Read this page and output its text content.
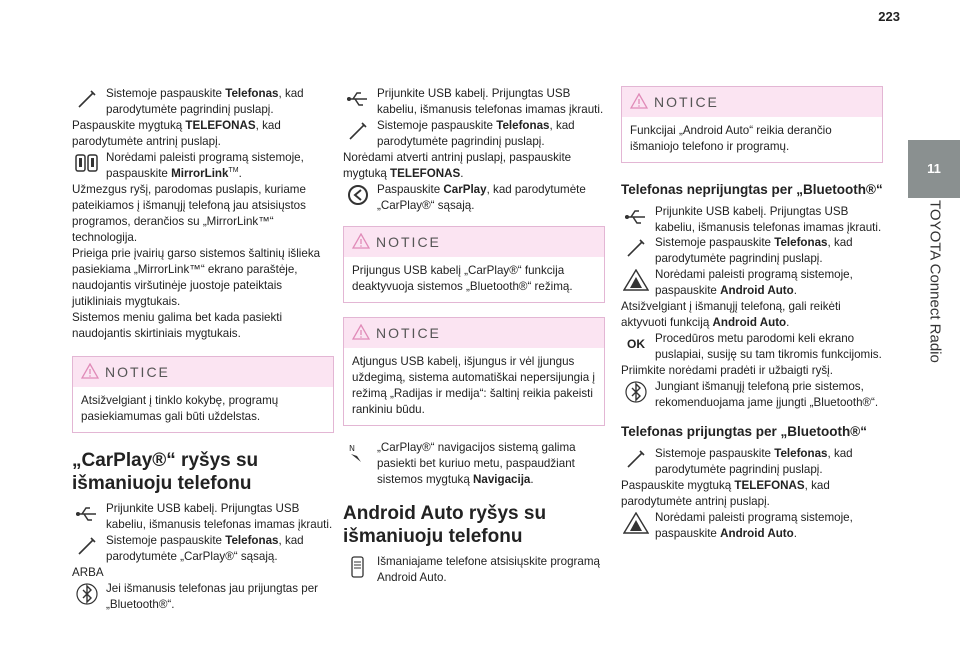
223
11
TOYOTA Connect Radio

Sistemoje paspauskite Telefonas, kad parodytumėte pagrindinį puslapį.

Paspauskite mygtuką TELEFONAS, kad parodytumėte antrinį puslapį.

Norėdami paleisti programą sistemoje, paspauskite MirrorLink™.

Užmezgus ryšį, parodomas puslapis, kuriame pateikiamos į išmanųjį telefoną jau atsisiųstos programos, derančios su „MirrorLink™“ technologija.

Prieiga prie įvairių garso sistemos šaltinių išlieka pasiekiama „MirrorLink™“ ekrano paraštėje, naudojantis viršutinėje juostoje pateiktais jutikliniais mygtukais.

Sistemos meniu galima bet kada pasiekti naudojantis skirtiniais mygtukais.

NOTICE
Atsižvelgiant į tinklo kokybę, programų pasiekiamumas gali būti uždelstas.
„CarPlay®“ ryšys su išmaniuoju telefonu

Prijunkite USB kabelį. Prijungtas USB kabeliu, išmanusis telefonas imamas įkrauti.

Sistemoje paspauskite Telefonas, kad parodytumėte „CarPlay®“ sąsają.

ARBA

Jei išmanusis telefonas jau prijungtas per „Bluetooth®“.

Prijunkite USB kabelį. Prijungtas USB kabeliu, išmanusis telefonas imamas įkrauti.

Sistemoje paspauskite Telefonas, kad parodytumėte pagrindinį puslapį.

Norėdami atverti antrinį puslapį, paspauskite mygtuką TELEFONAS.

Paspauskite CarPlay, kad parodytumėte „CarPlay®“ sąsają.

NOTICE
Prijungus USB kabelį „CarPlay®“ funkcija deaktyvuoja sistemos „Bluetooth®“ režimą.
NOTICE
Atjungus USB kabelį, išjungus ir vėl įjungus uždegimą, sistema automatiškai nepersijungia į režimą „Radijas ir medija“: šaltinį reikia pakeisti rankiniu būdu.
N „CarPlay®“ navigacijos sistemą galima pasiekti bet kuriuo metu, paspaudžiant sistemos mygtuką Navigacija.

Android Auto ryšys su išmaniuoju telefonu

Išmaniajame telefone atsisiųskite programą Android Auto.

NOTICE
Funkcijai „Android Auto“ reikia derančio išmaniojo telefono ir programų.
Telefonas neprijungtas per „Bluetooth®“

Prijunkite USB kabelį. Prijungtas USB kabeliu, išmanusis telefonas imamas įkrauti.

Sistemoje paspauskite Telefonas, kad parodytumėte pagrindinį puslapį.

Norėdami paleisti programą sistemoje, paspauskite Android Auto.

Atsižvelgiant į išmanųjį telefoną, gali reikėti aktyvuoti funkciją Android Auto.

OK Procedūros metu parodomi keli ekrano puslapiai, susiję su tam tikromis funkcijomis.

Priimkite norėdami pradėti ir užbaigti ryšį.

Jungiant išmanųjį telefoną prie sistemos, rekomenduojama jame įjungti „Bluetooth®“.

Telefonas prijungtas per „Bluetooth®“

Sistemoje paspauskite Telefonas, kad parodytumėte pagrindinį puslapį.

Paspauskite mygtuką TELEFONAS, kad parodytumėte antrinį puslapį.

Norėdami paleisti programą sistemoje, paspauskite Android Auto.
